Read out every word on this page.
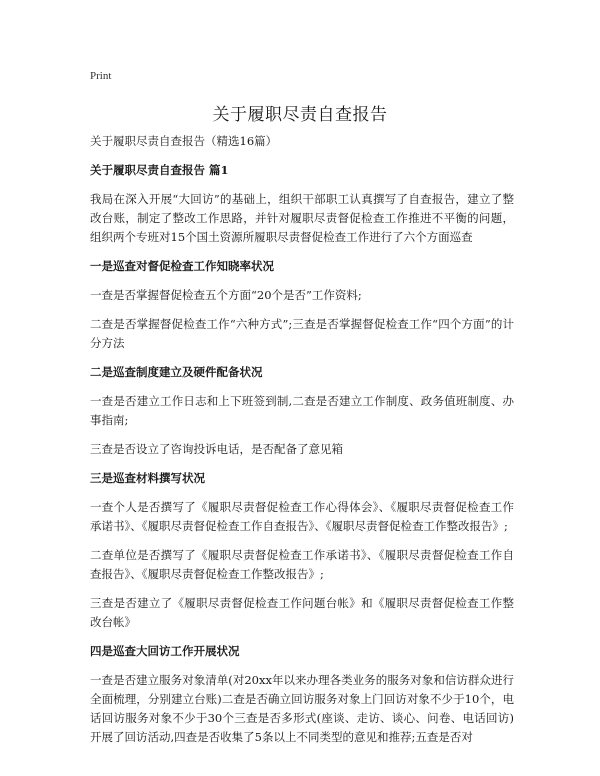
Print
关于履职尽责自查报告

关于履职尽责自查报告（精选16篇）

关于履职尽责自查报告 篇1

我局在深入开展“大回访”的基础上，组织干部职工认真撰写了自查报告，建立了整改台账，制定了整改工作思路，并针对履职尽责督促检查工作推进不平衡的问题，组织两个专班对15个国土资源所履职尽责督促检查工作进行了六个方面巡查

一是巡查对督促检查工作知晓率状况

一查是否掌握督促检查五个方面“20个是否”工作资料;

二查是否掌握督促检查工作“六种方式”;三查是否掌握督促检查工作“四个方面”的计分方法

二是巡查制度建立及硬件配备状况

一查是否建立工作日志和上下班签到制,二查是否建立工作制度、政务值班制度、办事指南;

三查是否设立了咨询投诉电话，是否配备了意见箱

三是巡查材料撰写状况

一查个人是否撰写了《履职尽责督促检查工作心得体会》、《履职尽责督促检查工作承诺书》、《履职尽责督促检查工作自查报告》、《履职尽责督促检查工作整改报告》;

二查单位是否撰写了《履职尽责督促检查工作承诺书》、《履职尽责督促检查工作自查报告》、《履职尽责督促检查工作整改报告》;

三查是否建立了《履职尽责督促检查工作问题台帐》和《履职尽责督促检查工作整改台帐》

四是巡查大回访工作开展状况

一查是否建立服务对象清单(对20xx年以来办理各类业务的服务对象和信访群众进行全面梳理，分别建立台账)二查是否确立回访服务对象上门回访对象不少于10个，电话回访服务对象不少于30个三查是否多形式(座谈、走访、谈心、问卷、电话回访)开展了回访活动,四查是否收集了5条以上不同类型的意见和推荐;五查是否对
